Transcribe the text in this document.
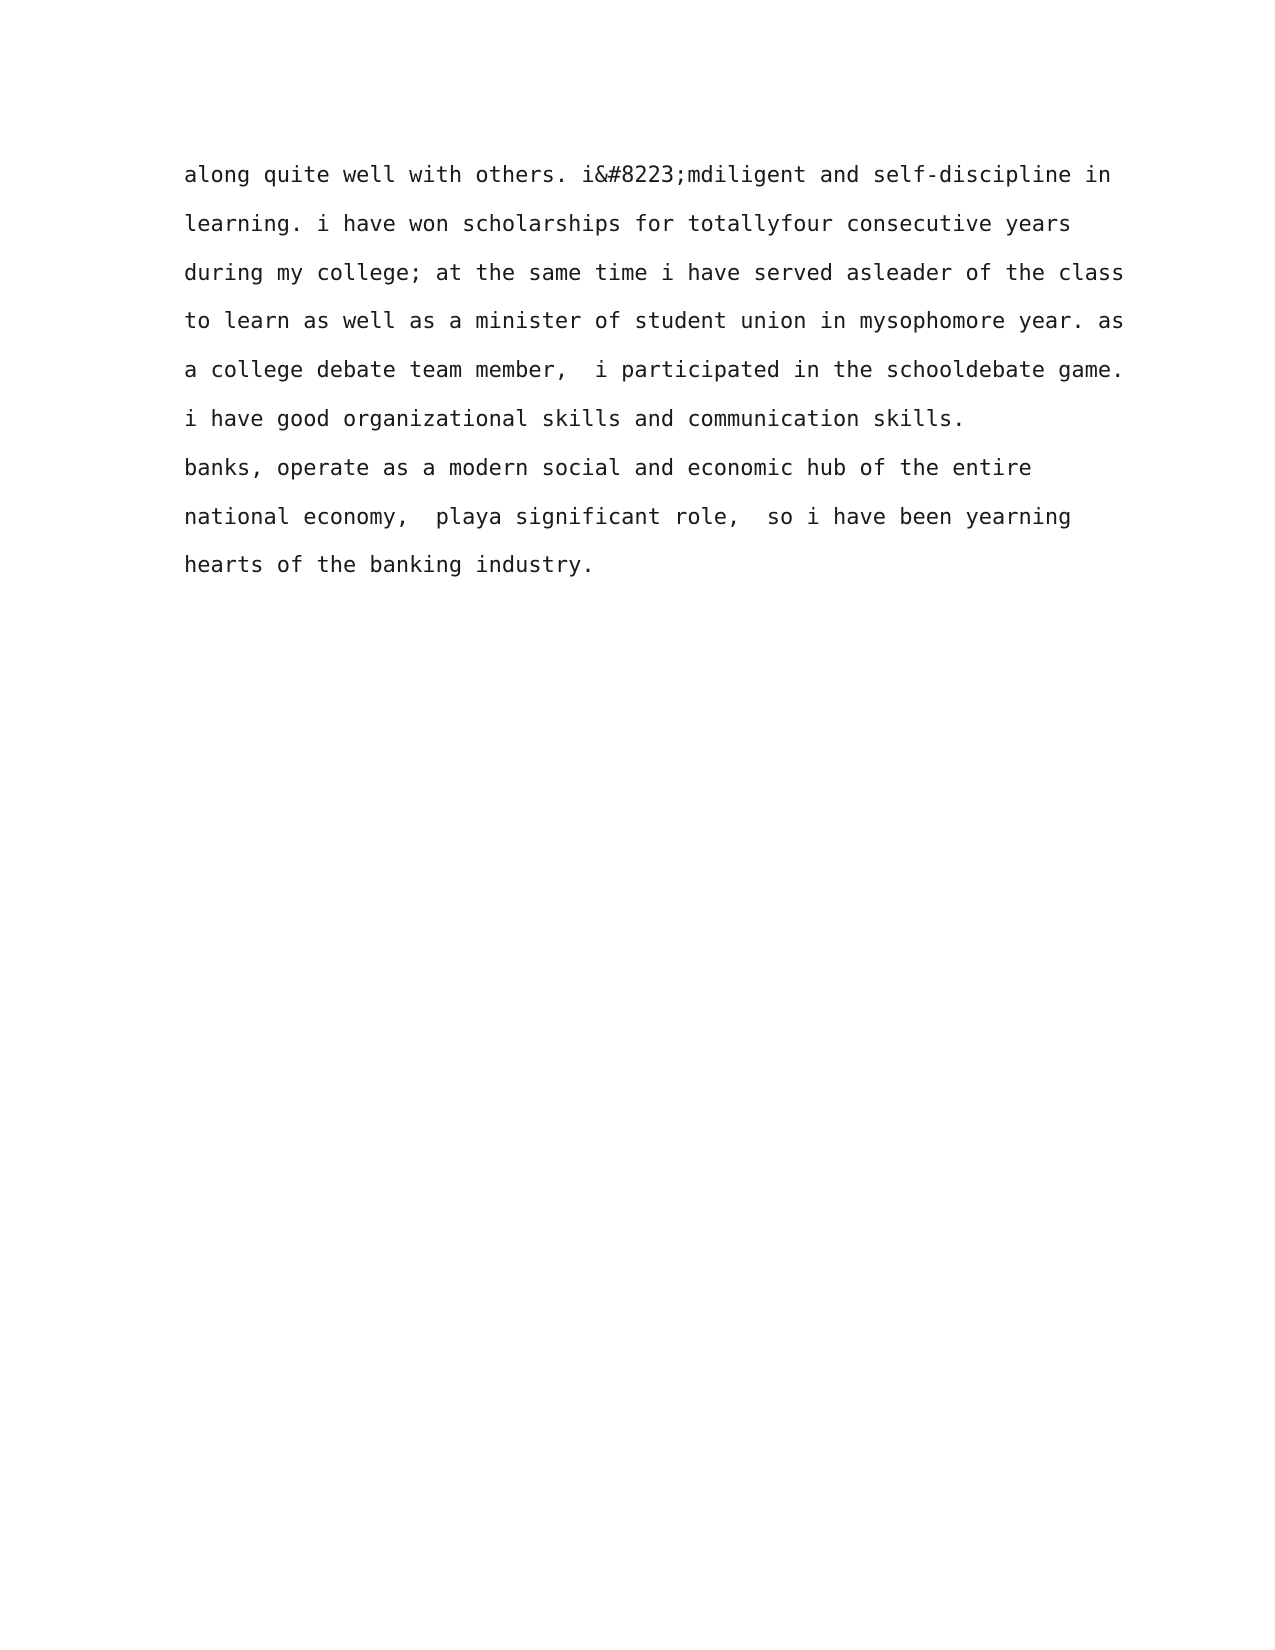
along quite well with others. i&#8223;mdiligent and self-discipline in
learning. i have won scholarships for totallyfour consecutive years
during my college; at the same time i have served asleader of the class
to learn as well as a minister of student union in mysophomore year. as
a college debate team member,  i participated in the schooldebate game.
i have good organizational skills and communication skills.
banks, operate as a modern social and economic hub of the entire
national economy,  playa significant role,  so i have been yearning
hearts of the banking industry.
